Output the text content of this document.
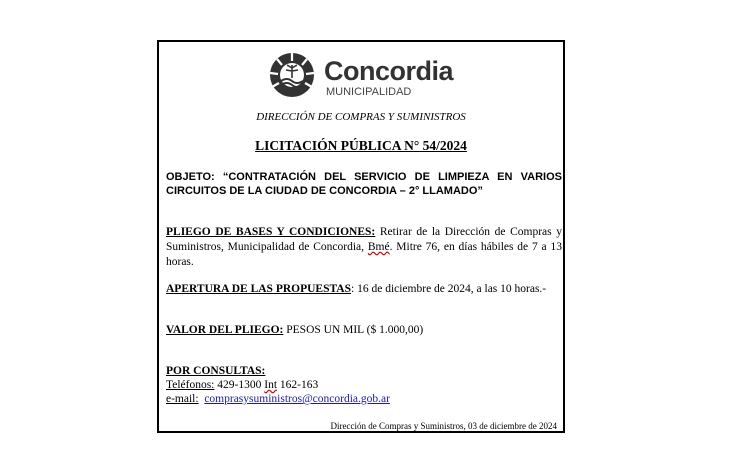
Concordia
MUNICIPALIDAD
DIRECCIÓN DE COMPRAS Y SUMINISTROS
LICITACIÓN PÚBLICA N° 54/2024
OBJETO: “CONTRATACIÓN DEL SERVICIO DE LIMPIEZA EN VARIOS CIRCUITOS DE LA CIUDAD DE CONCORDIA – 2° LLAMADO”
PLIEGO DE BASES Y CONDICIONES: Retirar de la Dirección de Compras y Suministros, Municipalidad de Concordia, Bmé. Mitre 76, en días hábiles de 7 a 13 horas.
APERTURA DE LAS PROPUESTAS: 16 de diciembre de 2024, a las 10 horas.-
VALOR DEL PLIEGO: PESOS UN MIL ($ 1.000,00)
POR CONSULTAS:
Teléfonos: 429-1300 Int 162-163
e-mail: comprasysuministros@concordia.gob.ar
Dirección de Compras y Suministros, 03 de diciembre de 2024
